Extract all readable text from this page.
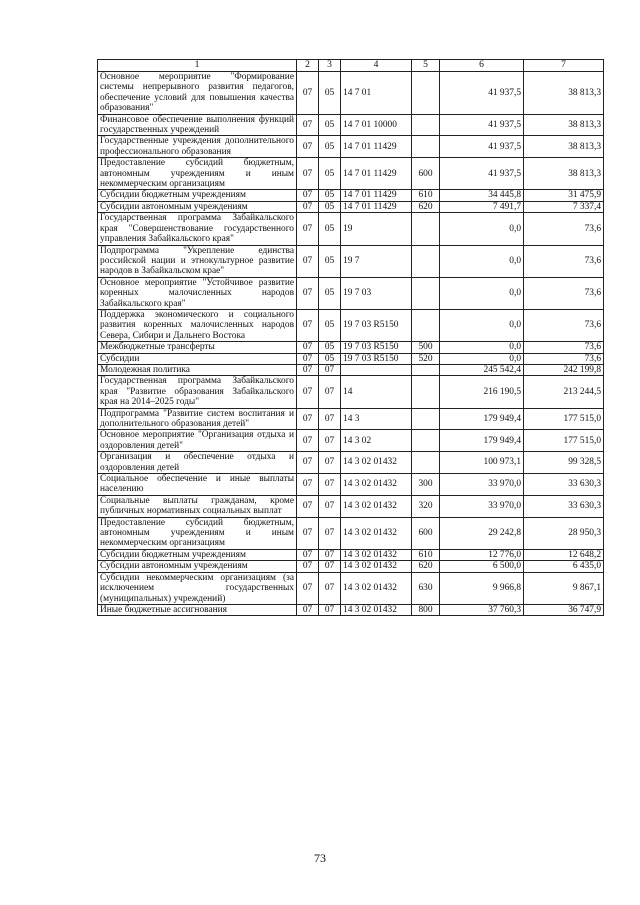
1	2	3	4	5	6	7
Основное мероприятие "Формирование системы непрерывного развития педагогов, обеспечение условий для повышения качества образования"	07	05	14 7 01		41 937,5	38 813,3
Финансовое обеспечение выполнения функций государственных учреждений	07	05	14 7 01 10000		41 937,5	38 813,3
Государственные учреждения дополнительного профессионального образования	07	05	14 7 01 11429		41 937,5	38 813,3
Предоставление субсидий бюджетным, автономным учреждениям и иным некоммерческим организациям	07	05	14 7 01 11429	600	41 937,5	38 813,3
Субсидии бюджетным учреждениям	07	05	14 7 01 11429	610	34 445,8	31 475,9
Субсидии автономным учреждениям	07	05	14 7 01 11429	620	7 491,7	7 337,4
Государственная программа Забайкальского края "Совершенствование государственного управления Забайкальского края"	07	05	19		0,0	73,6
Подпрограмма "Укрепление единства российской нации и этнокультурное развитие народов в Забайкальском крае"	07	05	19 7		0,0	73,6
Основное мероприятие "Устойчивое развитие коренных малочисленных народов Забайкальского края"	07	05	19 7 03		0,0	73,6
Поддержка экономического и социального развития коренных малочисленных народов Севера, Сибири и Дальнего Востока	07	05	19 7 03 R5150		0,0	73,6
Межбюджетные трансферты	07	05	19 7 03 R5150	500	0,0	73,6
Субсидии	07	05	19 7 03 R5150	520	0,0	73,6
Молодежная политика	07	07			245 542,4	242 199,8
Государственная программа Забайкальского края "Развитие образования Забайкальского края на 2014–2025 годы"	07	07	14		216 190,5	213 244,5
Подпрограмма "Развитие систем воспитания и дополнительного образования детей"	07	07	14 3		179 949,4	177 515,0
Основное мероприятие "Организация отдыха и оздоровления детей"	07	07	14 3 02		179 949,4	177 515,0
Организация и обеспечение отдыха и оздоровления детей	07	07	14 3 02 01432		100 973,1	99 328,5
Социальное обеспечение и иные выплаты населению	07	07	14 3 02 01432	300	33 970,0	33 630,3
Социальные выплаты гражданам, кроме публичных нормативных социальных выплат	07	07	14 3 02 01432	320	33 970,0	33 630,3
Предоставление субсидий бюджетным, автономным учреждениям и иным некоммерческим организациям	07	07	14 3 02 01432	600	29 242,8	28 950,3
Субсидии бюджетным учреждениям	07	07	14 3 02 01432	610	12 776,0	12 648,2
Субсидии автономным учреждениям	07	07	14 3 02 01432	620	6 500,0	6 435,0
Субсидии некоммерческим организациям (за исключением государственных (муниципальных) учреждений)	07	07	14 3 02 01432	630	9 966,8	9 867,1
Иные бюджетные ассигнования	07	07	14 3 02 01432	800	37 760,3	36 747,9
73
